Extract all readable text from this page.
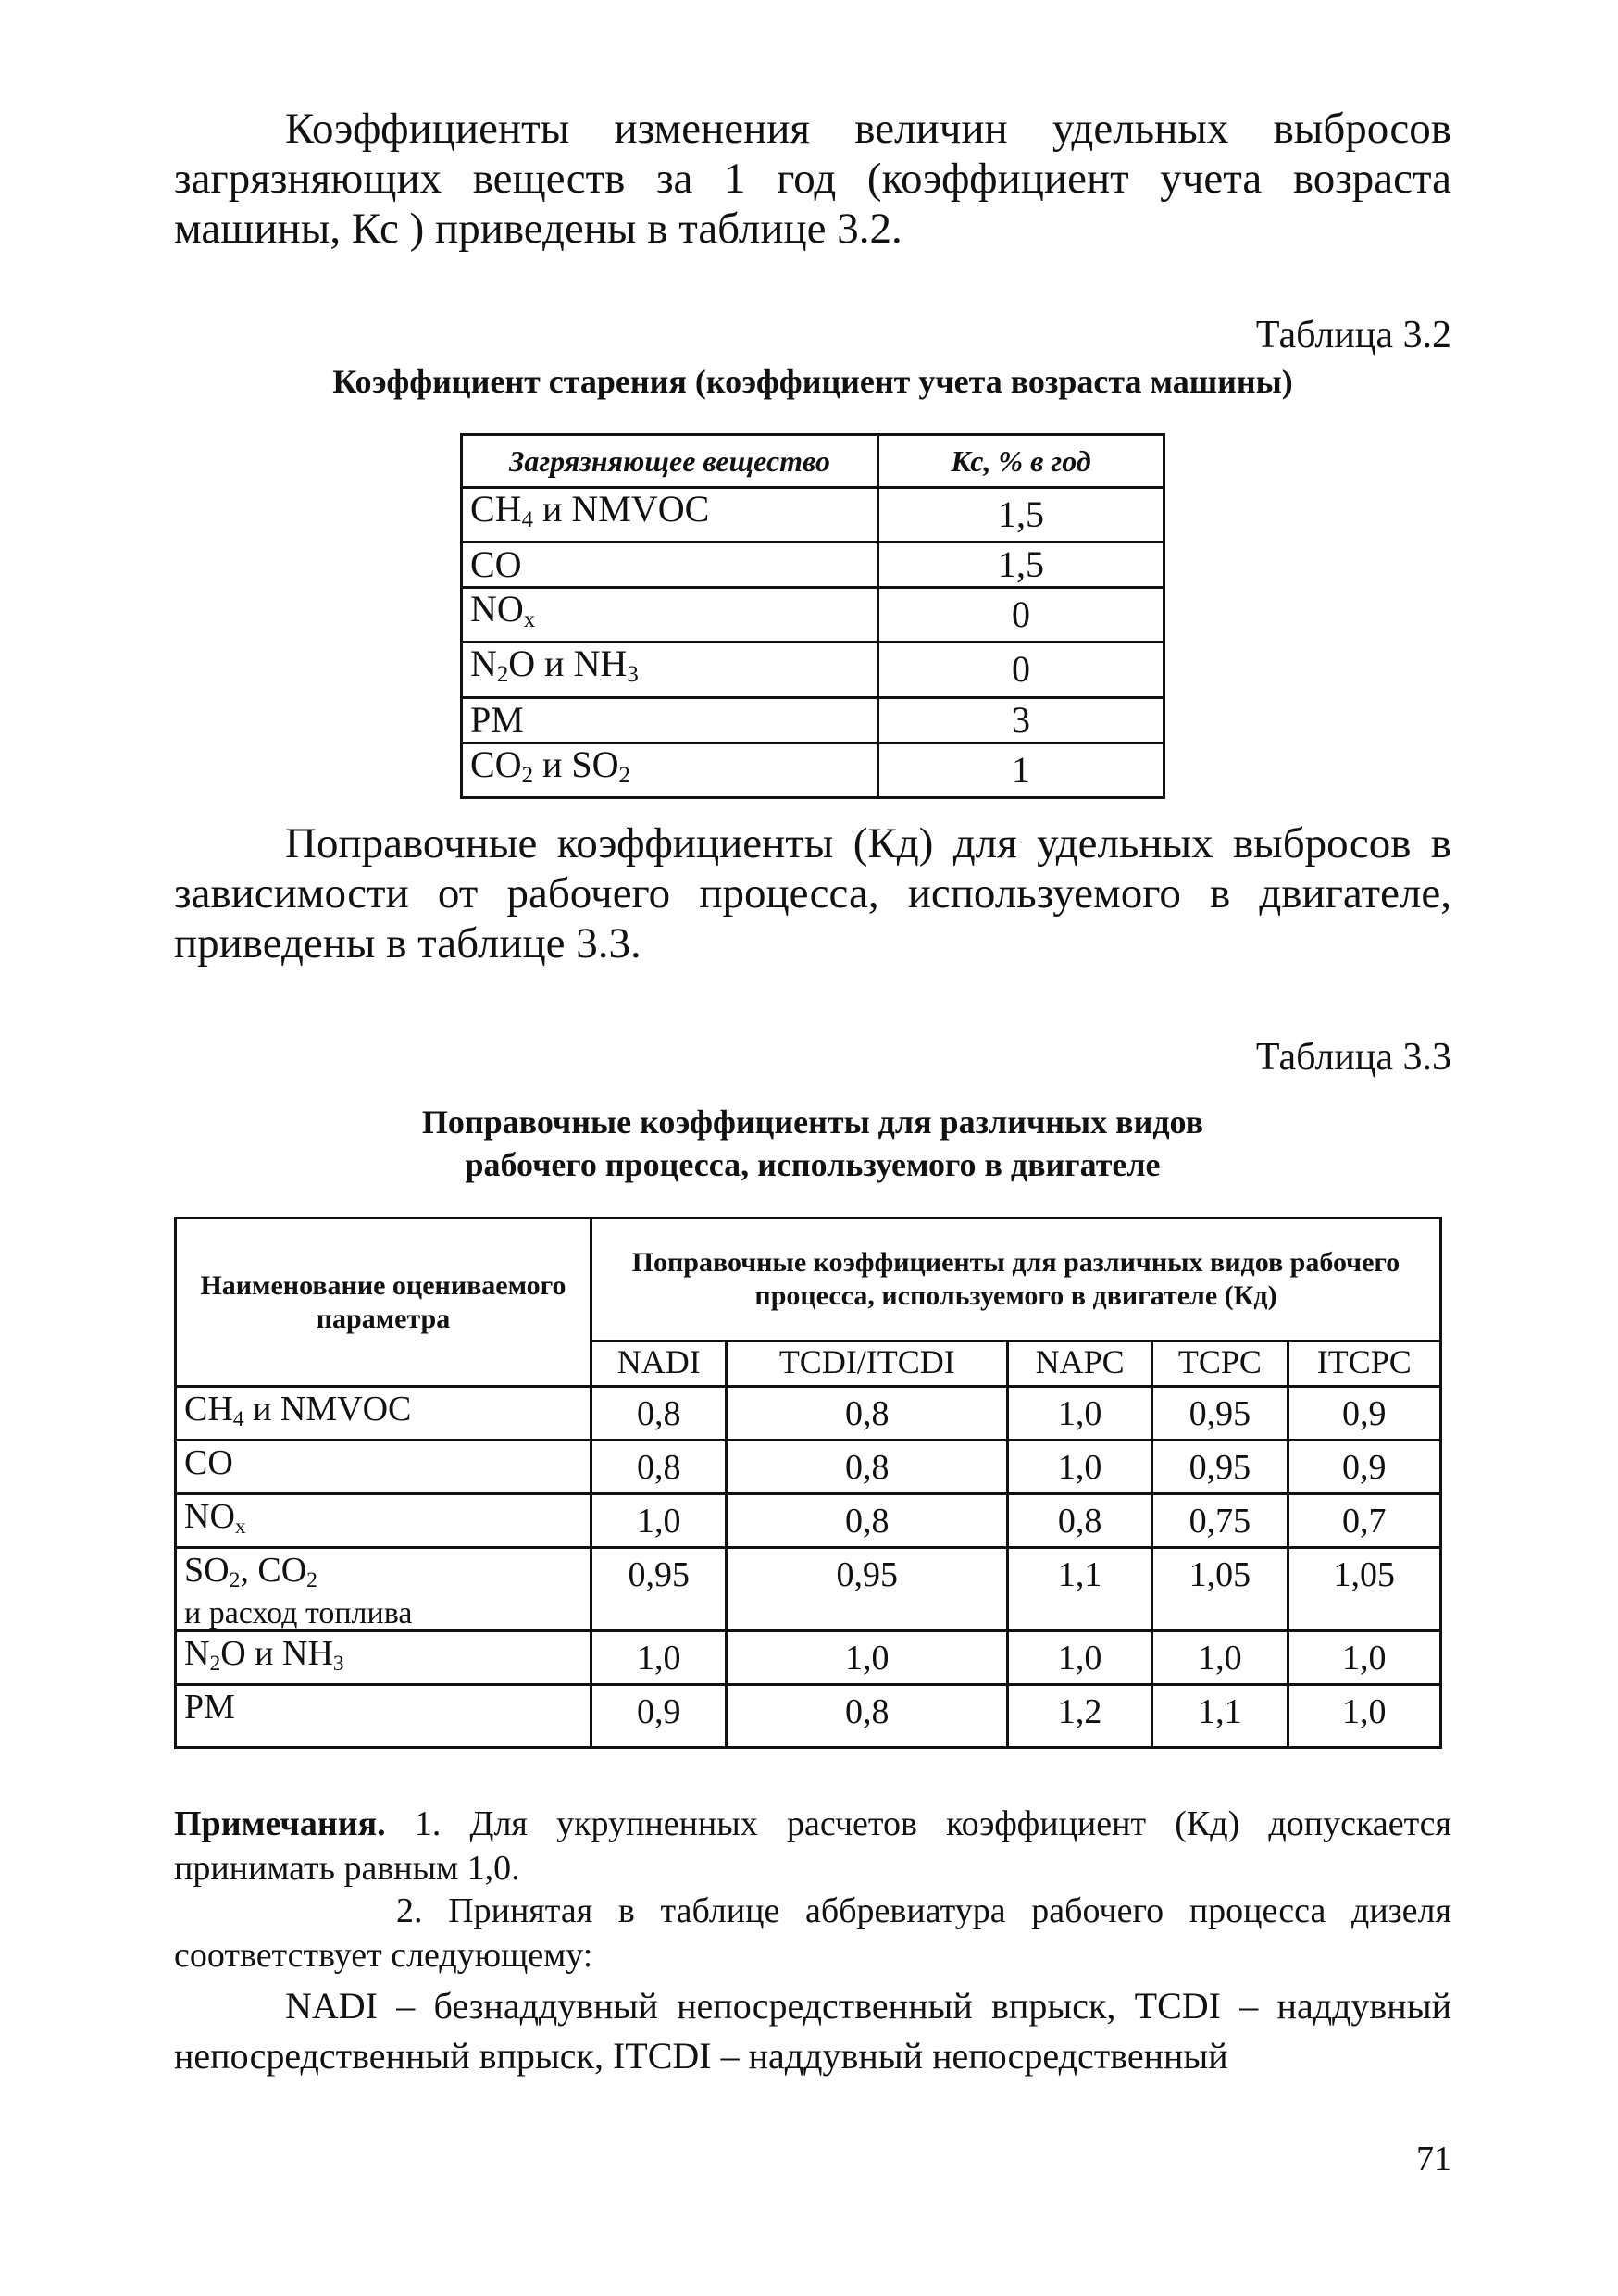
Коэффициенты изменения величин удельных выбросов загрязняющих веществ за 1 год (коэффициент учета возраста машины, Кс ) приведены в таблице 3.2.

Таблица 3.2
Коэффициент старения (коэффициент учета возраста машины)
Загрязняющее вещество	Кс, % в год
$CH_4$ и NMVOC	1,5
CO	1,5
$NO_x$	0
$N_2O$ и $NH_3$	0
PM	3
$CO_2$ и $SO_2$	1

Поправочные коэффициенты (Кд) для удельных выбросов в зависимости от рабочего процесса, используемого в двигателе, приведены в таблице 3.3.

Таблица 3.3
Поправочные коэффициенты для различных видов
рабочего процесса, используемого в двигателе
Наименование оцениваемого параметра	Поправочные коэффициенты для различных видов рабочего процесса, используемого в двигателе (Кд)				
	NADI	TCDI/ITCDI	NAPC	TCPC	ITCPC
$CH_4$ и NMVOC	0,8	0,8	1,0	0,95	0,9
CO	0,8	0,8	1,0	0,95	0,9
$NO_x$	1,0	0,8	0,8	0,75	0,7
$SO_2$, $CO_2$
и расход топлива	0,95	0,95	1,1	1,05	1,05
$N_2O$ и $NH_3$	1,0	1,0	1,0	1,0	1,0
PM	0,9	0,8	1,2	1,1	1,0

Примечания. 1. Для укрупненных расчетов коэффициент (Кд) допускается принимать равным 1,0.

2. Принятая в таблице аббревиатура рабочего процесса дизеля соответствует следующему:

NADI – безнаддувный непосредственный впрыск, TCDI – наддувный непосредственный впрыск, ITCDI – наддувный непосредственный

71
